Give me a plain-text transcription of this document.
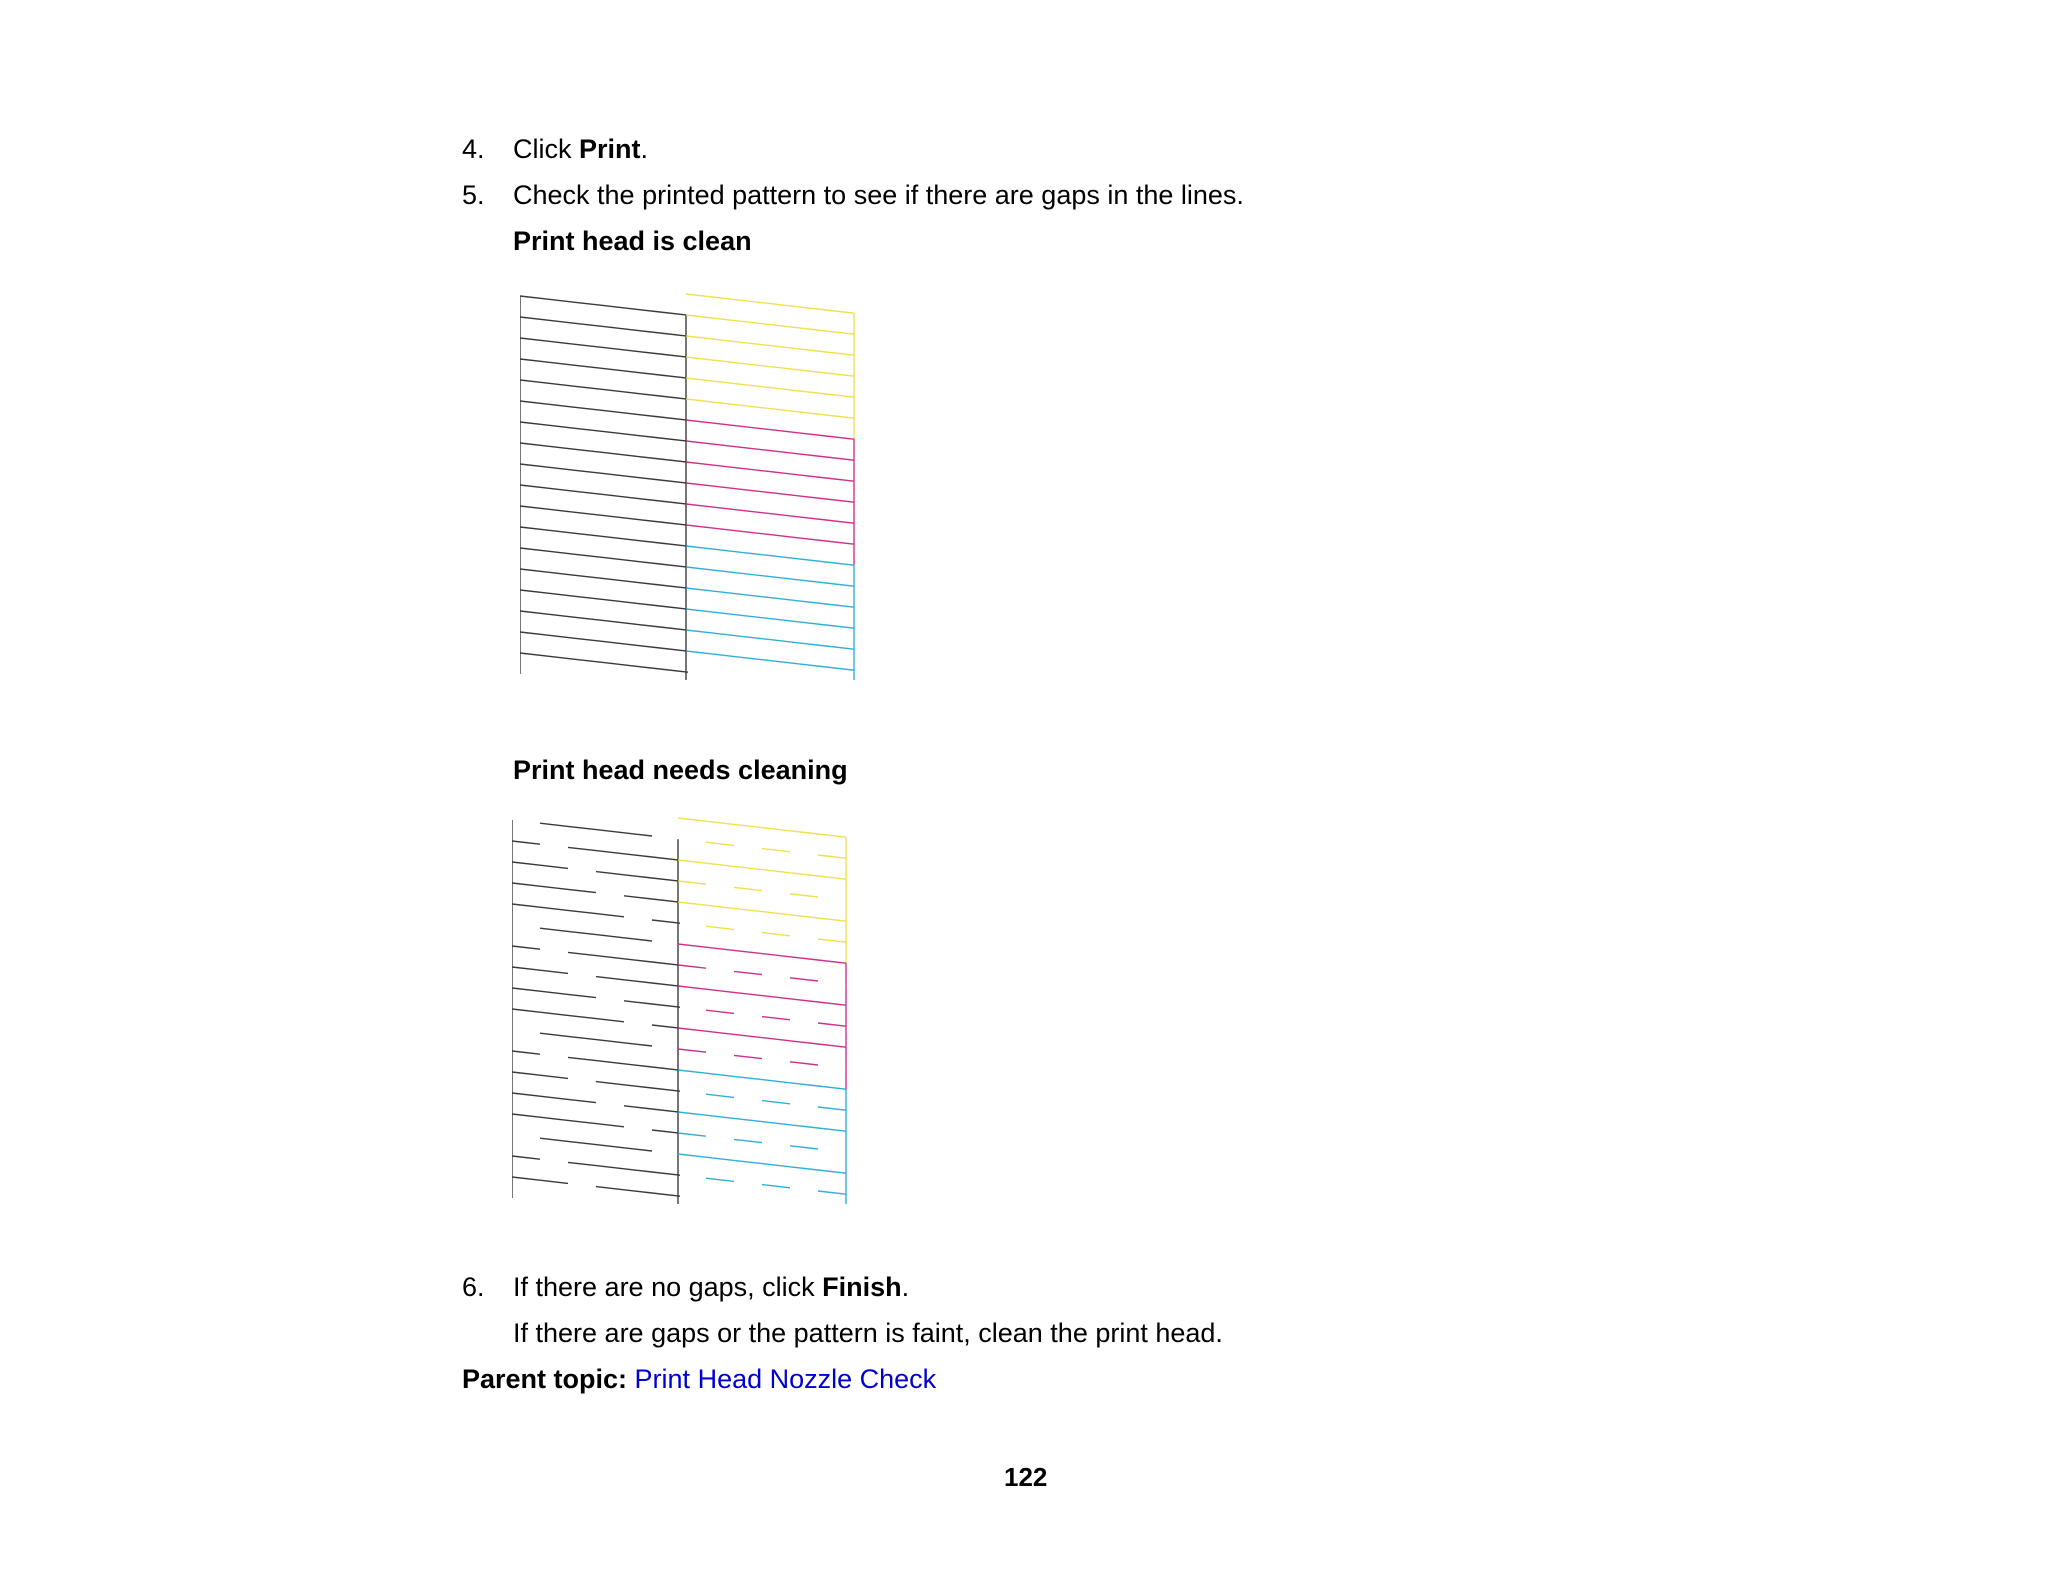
4. Click Print.
5. Check the printed pattern to see if there are gaps in the lines.
Print head is clean
Print head needs cleaning
6. If there are no gaps, click Finish.
If there are gaps or the pattern is faint, clean the print head.
Parent topic: Print Head Nozzle Check
122
